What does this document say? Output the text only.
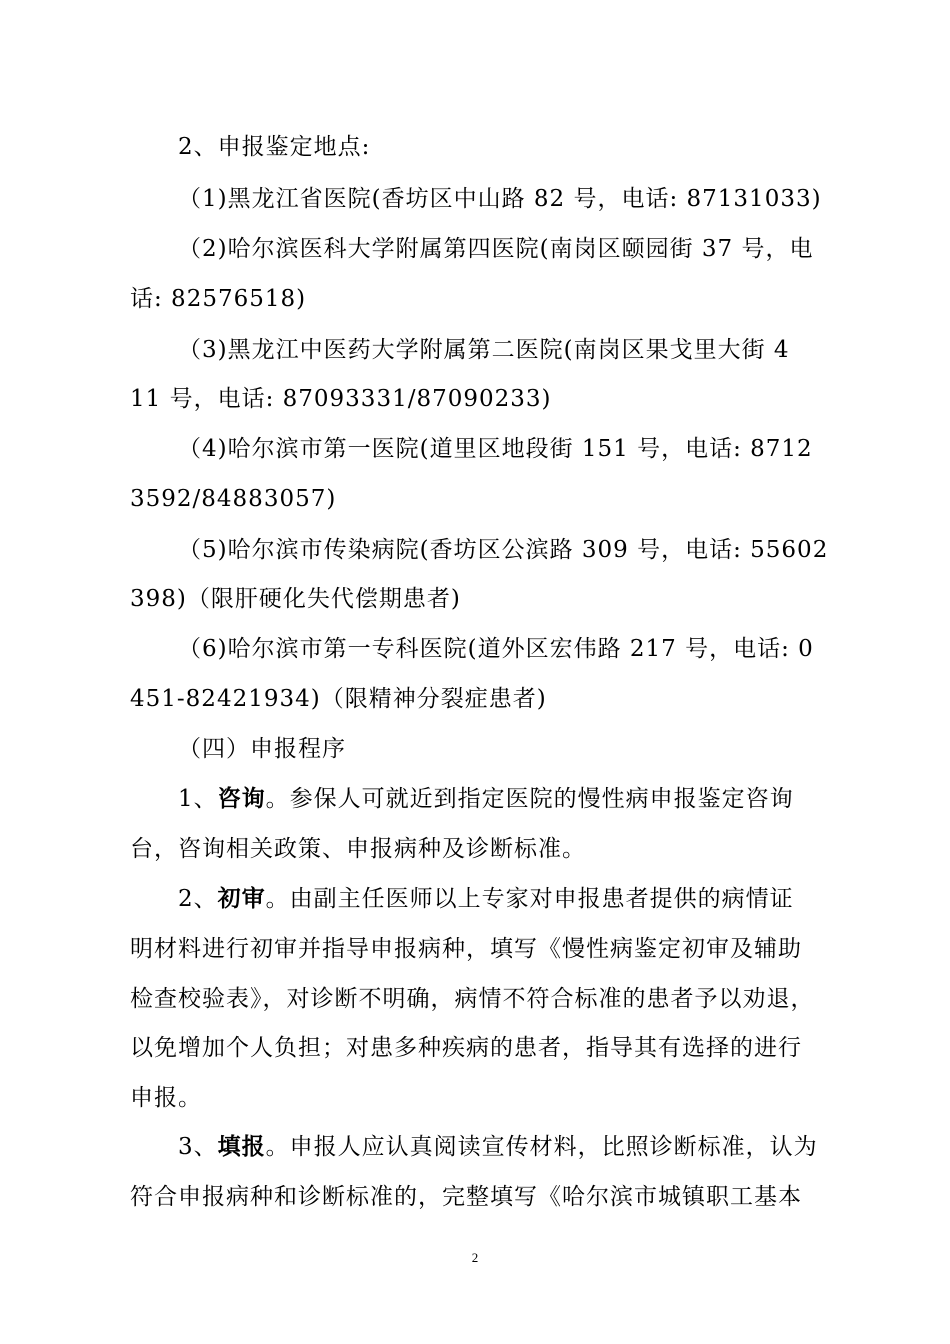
2、申报鉴定地点:
（1)黑龙江省医院(香坊区中山路 82 号，电话: 87131033)
（2)哈尔滨医科大学附属第四医院(南岗区颐园街 37 号，电
话: 82576518)
（3)黑龙江中医药大学附属第二医院(南岗区果戈里大街 4
11 号，电话: 87093331/87090233)
（4)哈尔滨市第一医院(道里区地段街 151 号，电话: 8712
3592/84883057)
（5)哈尔滨市传染病院(香坊区公滨路 309 号，电话: 55602
398)（限肝硬化失代偿期患者)
（6)哈尔滨市第一专科医院(道外区宏伟路 217 号，电话: 0
451-82421934)（限精神分裂症患者)
（四）申报程序
1、咨询。参保人可就近到指定医院的慢性病申报鉴定咨询
台，咨询相关政策、申报病种及诊断标准。
2、初审。由副主任医师以上专家对申报患者提供的病情证
明材料进行初审并指导申报病种，填写《慢性病鉴定初审及辅助
检查校验表》，对诊断不明确，病情不符合标准的患者予以劝退，
以免增加个人负担；对患多种疾病的患者，指导其有选择的进行
申报。
3、填报。申报人应认真阅读宣传材料，比照诊断标准，认为
符合申报病种和诊断标准的，完整填写《哈尔滨市城镇职工基本
2
